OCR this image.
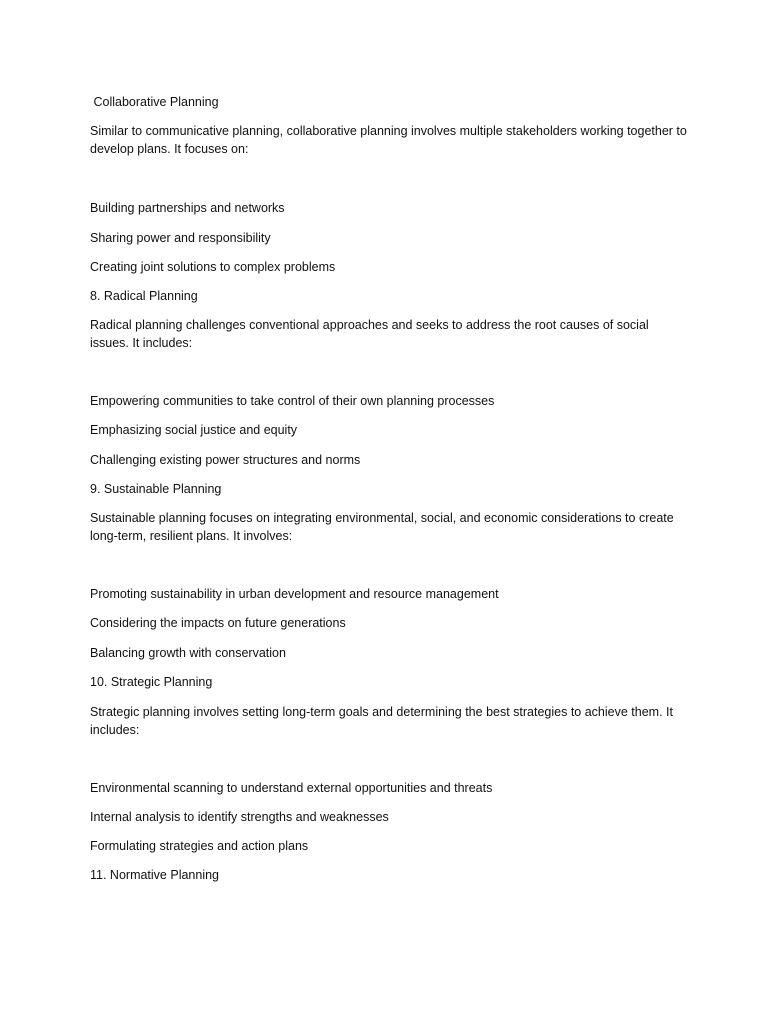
Collaborative Planning
Similar to communicative planning, collaborative planning involves multiple stakeholders working together to develop plans. It focuses on:
Building partnerships and networks
Sharing power and responsibility
Creating joint solutions to complex problems
8. Radical Planning
Radical planning challenges conventional approaches and seeks to address the root causes of social issues. It includes:
Empowering communities to take control of their own planning processes
Emphasizing social justice and equity
Challenging existing power structures and norms
9. Sustainable Planning
Sustainable planning focuses on integrating environmental, social, and economic considerations to create long-term, resilient plans. It involves:
Promoting sustainability in urban development and resource management
Considering the impacts on future generations
Balancing growth with conservation
10. Strategic Planning
Strategic planning involves setting long-term goals and determining the best strategies to achieve them. It includes:
Environmental scanning to understand external opportunities and threats
Internal analysis to identify strengths and weaknesses
Formulating strategies and action plans
11. Normative Planning
